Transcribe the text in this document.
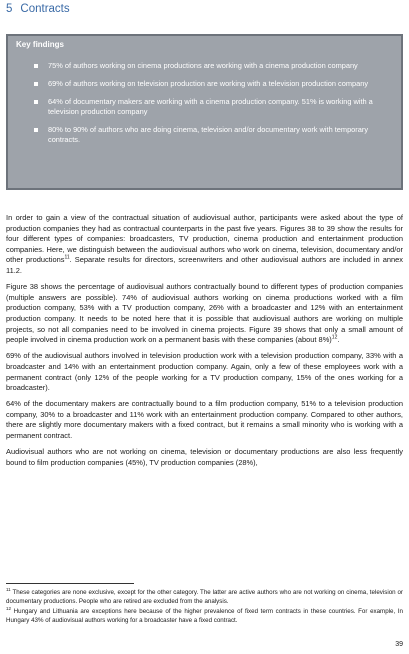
5 Contracts
Key findings
75% of authors working on cinema productions are working with a cinema production company
69% of authors working on television production are working with a television production company
64% of documentary makers are working with a cinema production company. 51% is working with a television production company
80% to 90% of authors who are doing cinema, television and/or documentary work with temporary contracts.

In order to gain a view of the contractual situation of audiovisual author, participants were asked about the type of production companies they had as contractual counterparts in the past five years. Figures 38 to 39 show the results for four different types of companies: broadcasters, TV production, cinema production and entertainment production companies. Here, we distinguish between the audiovisual authors who work on cinema, television, documentary and/or other productions$^{11}$. Separate results for directors, screenwriters and other audiovisual authors are included in annex 11.2.

Figure 38 shows the percentage of audiovisual authors contractually bound to different types of production companies (multiple answers are possible). 74% of audiovisual authors working on cinema productions worked with a film production company, 53% with a TV production company, 26% with a broadcaster and 12% with an entertainment production company. It needs to be noted here that it is possible that audiovisual authors are working on multiple projects, so not all companies need to be involved in cinema projects. Figure 39 shows that only a small amount of people involved in cinema production work on a permanent basis with these companies (about 8%)$^{12}$.

69% of the audiovisual authors involved in television production work with a television production company, 33% with a broadcaster and 14% with an entertainment production company. Again, only a few of these employees work with a permanent contract (only 12% of the people working for a TV production company, 15% of the ones working for a broadcaster).

64% of the documentary makers are contractually bound to a film production company, 51% to a television production company, 30% to a broadcaster and 11% work with an entertainment production company. Compared to other authors, there are slightly more documentary makers with a fixed contract, but it remains a small minority who is working with a permanent contract.

Audiovisual authors who are not working on cinema, television or documentary productions are also less frequently bound to film production companies (45%), TV production companies (28%),

$^{11}$ These categories are none exclusive, except for the other category. The latter are active authors who are not working on cinema, television or documentary productions. People who are retired are excluded from the analysis.

$^{12}$ Hungary and Lithuania are exceptions here because of the higher prevalence of fixed term contracts in these countries. For example, In Hungary 43% of audiovisual authors working for a broadcaster have a fixed contract.

39
